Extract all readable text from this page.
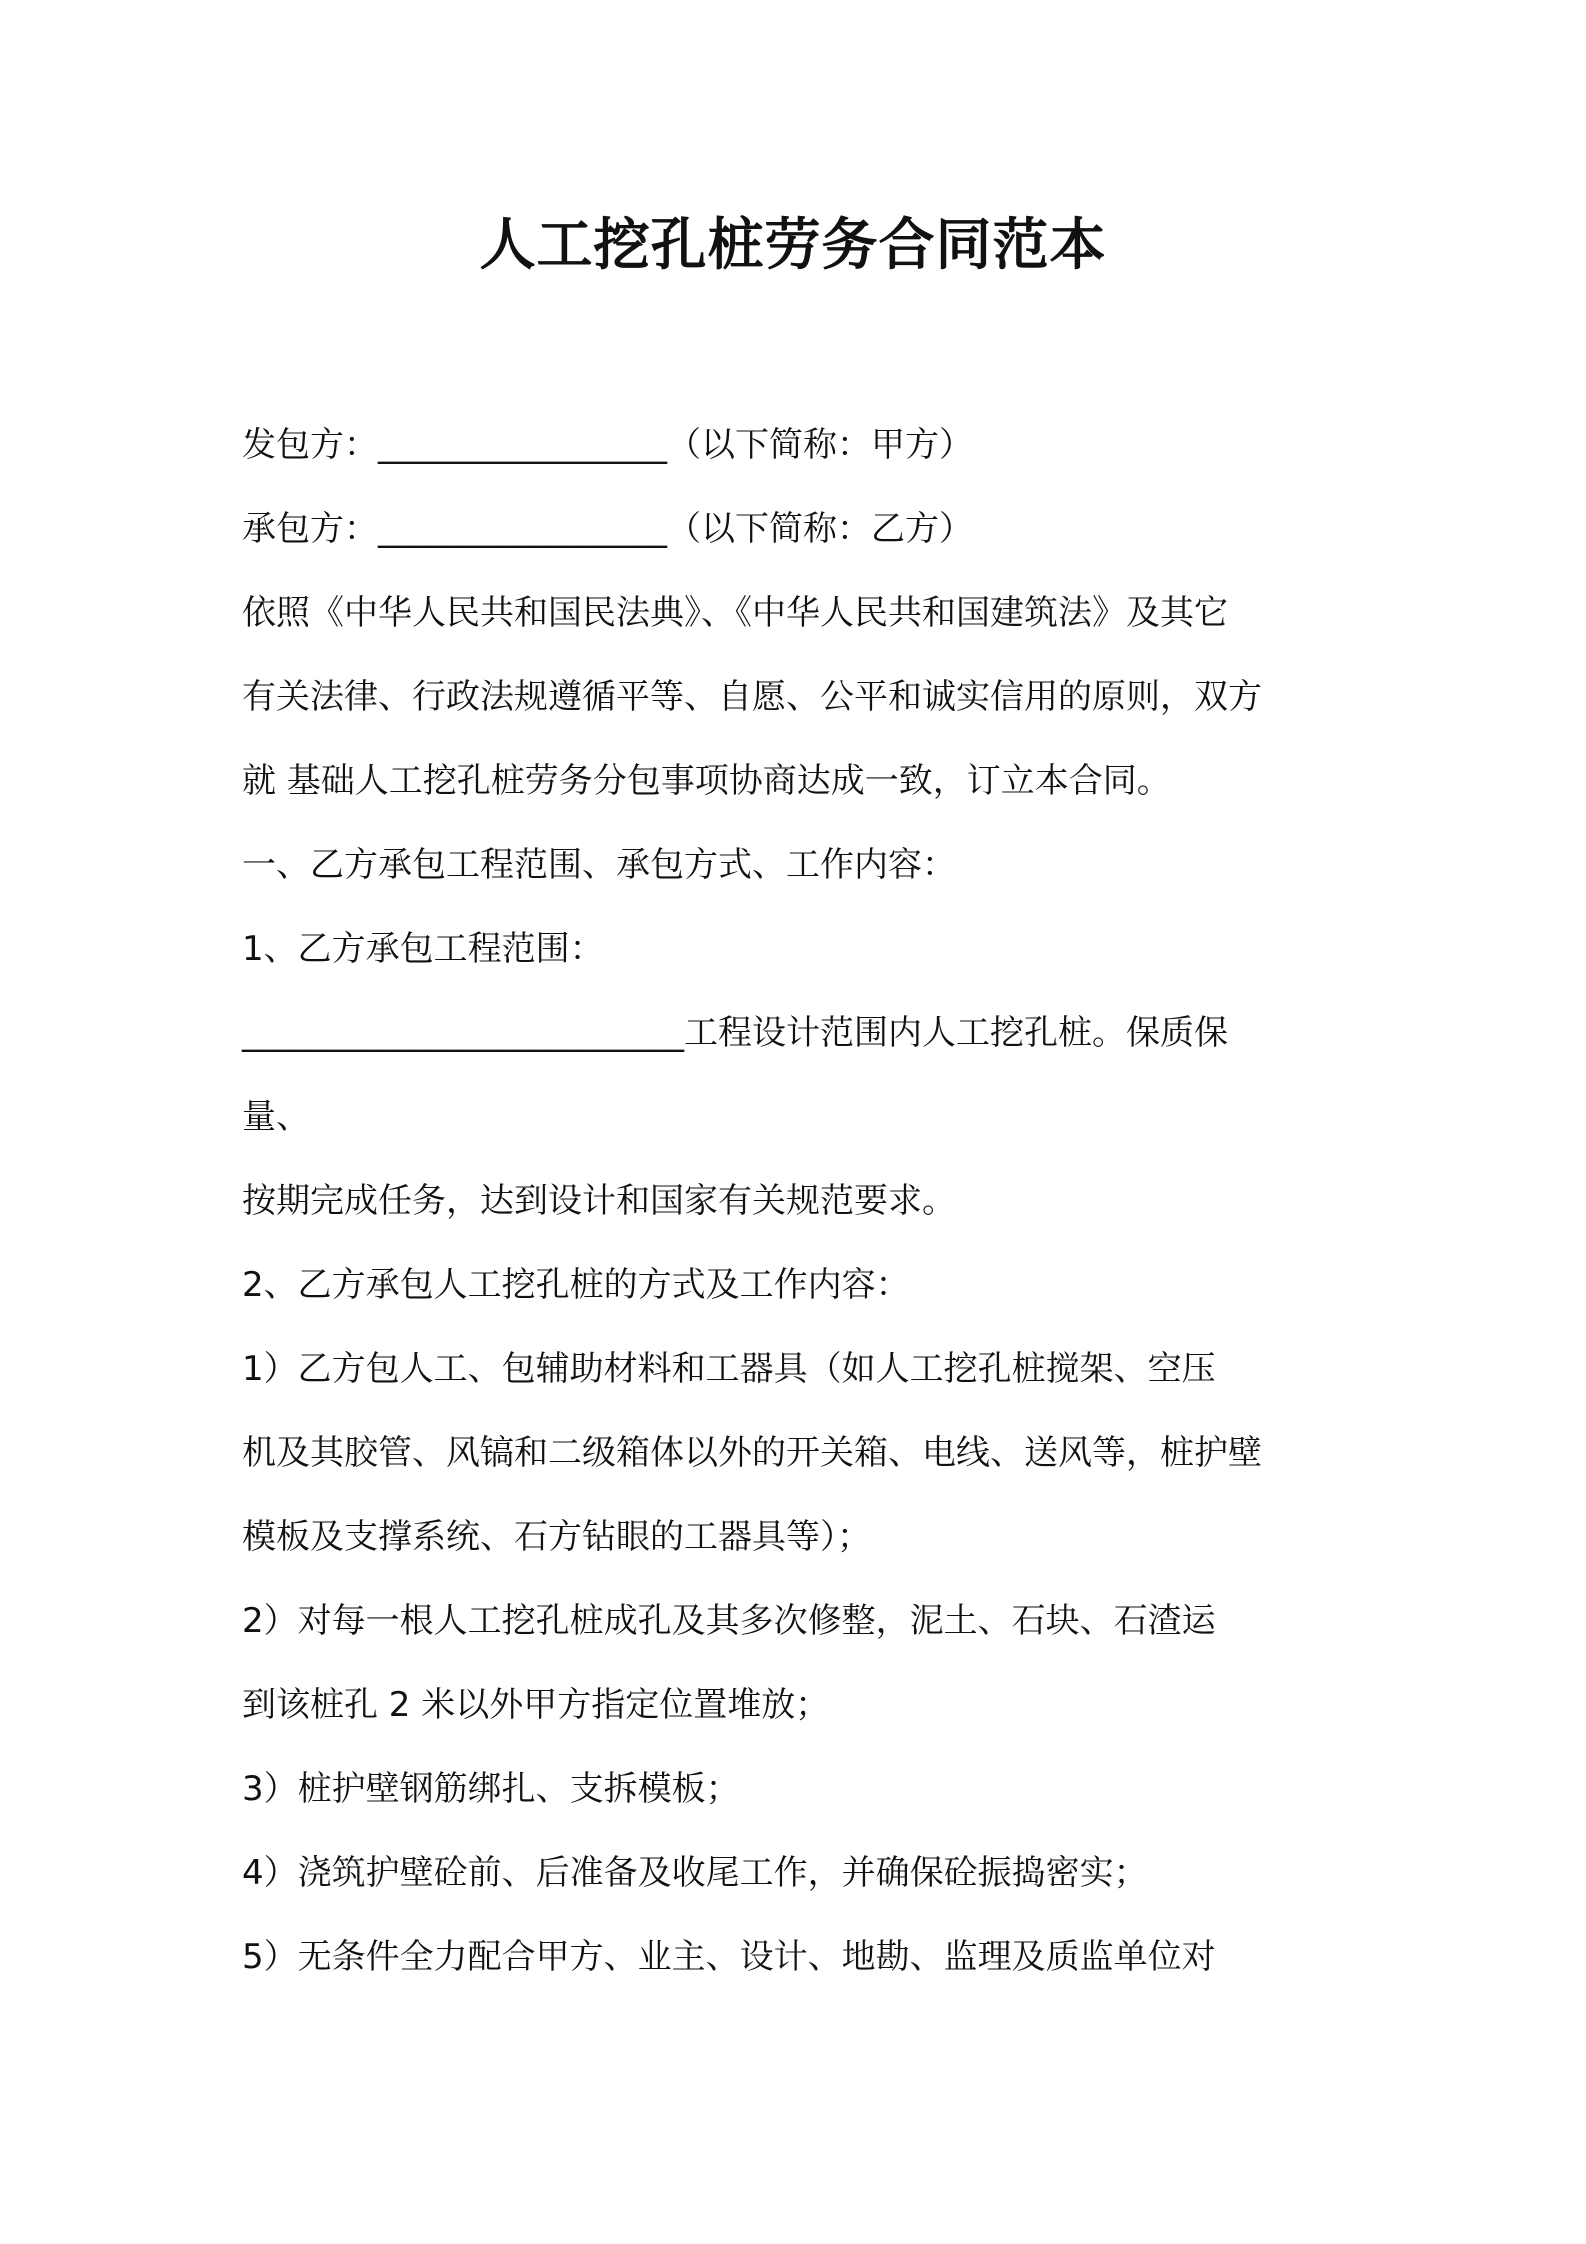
人工挖孔桩劳务合同范本

发包方：_________________（以下简称：甲方）

承包方：_________________（以下简称：乙方）

依照《中华人民共和国民法典》、《中华人民共和国建筑法》及其它

有关法律、行政法规遵循平等、自愿、公平和诚实信用的原则，双方

就 基础人工挖孔桩劳务分包事项协商达成一致，订立本合同。

一、乙方承包工程范围、承包方式、工作内容：

1、乙方承包工程范围：

__________________________工程设计范围内人工挖孔桩。保质保

量、

按期完成任务，达到设计和国家有关规范要求。

2、乙方承包人工挖孔桩的方式及工作内容：

1）乙方包人工、包辅助材料和工器具（如人工挖孔桩搅架、空压

机及其胶管、风镐和二级箱体以外的开关箱、电线、送风等，桩护壁

模板及支撑系统、石方钻眼的工器具等）；

2）对每一根人工挖孔桩成孔及其多次修整，泥土、石块、石渣运

到该桩孔 2 米以外甲方指定位置堆放；

3）桩护壁钢筋绑扎、支拆模板；

4）浇筑护壁砼前、后准备及收尾工作，并确保砼振捣密实；

5）无条件全力配合甲方、业主、设计、地勘、监理及质监单位对
